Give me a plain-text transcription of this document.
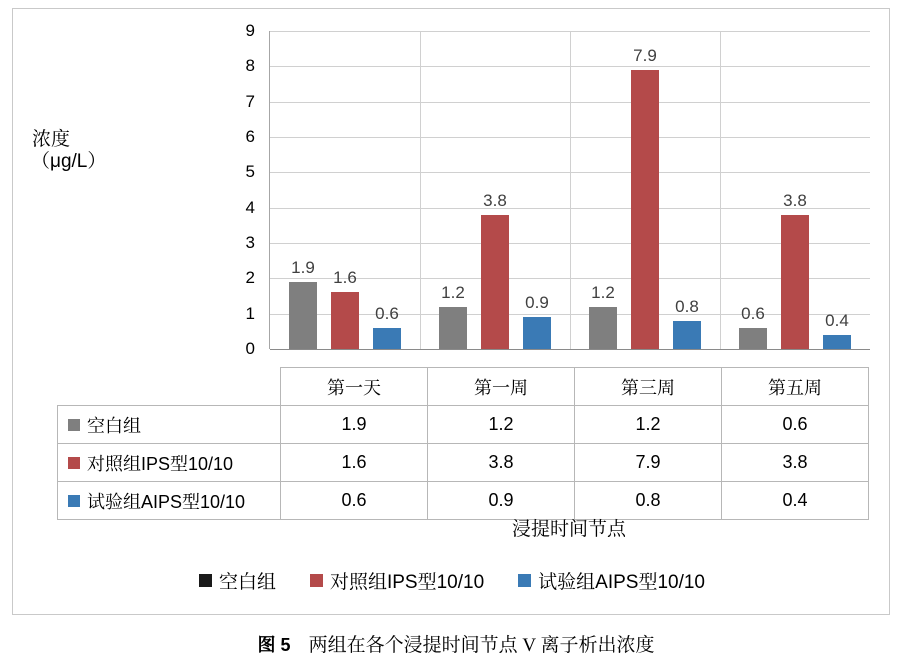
浓度（μg/L）
0
1
2
3
4
5
6
7
8
9
1.9
1.6
0.6
1.2
3.8
0.9
1.2
7.9
0.8	0.6
3.8
0.4
	第一天	第一周	第三周	第五周
空白组	1.9	1.2	1.2	0.6
对照组IPS型10/10	1.6	3.8	7.9	3.8
试验组AIPS型10/10	0.6	0.9	0.8	0.4
浸提时间节点
空白组	对照组IPS型10/10	试验组AIPS型10/10
图 5 两组在各个浸提时间节点 V 离子析出浓度
